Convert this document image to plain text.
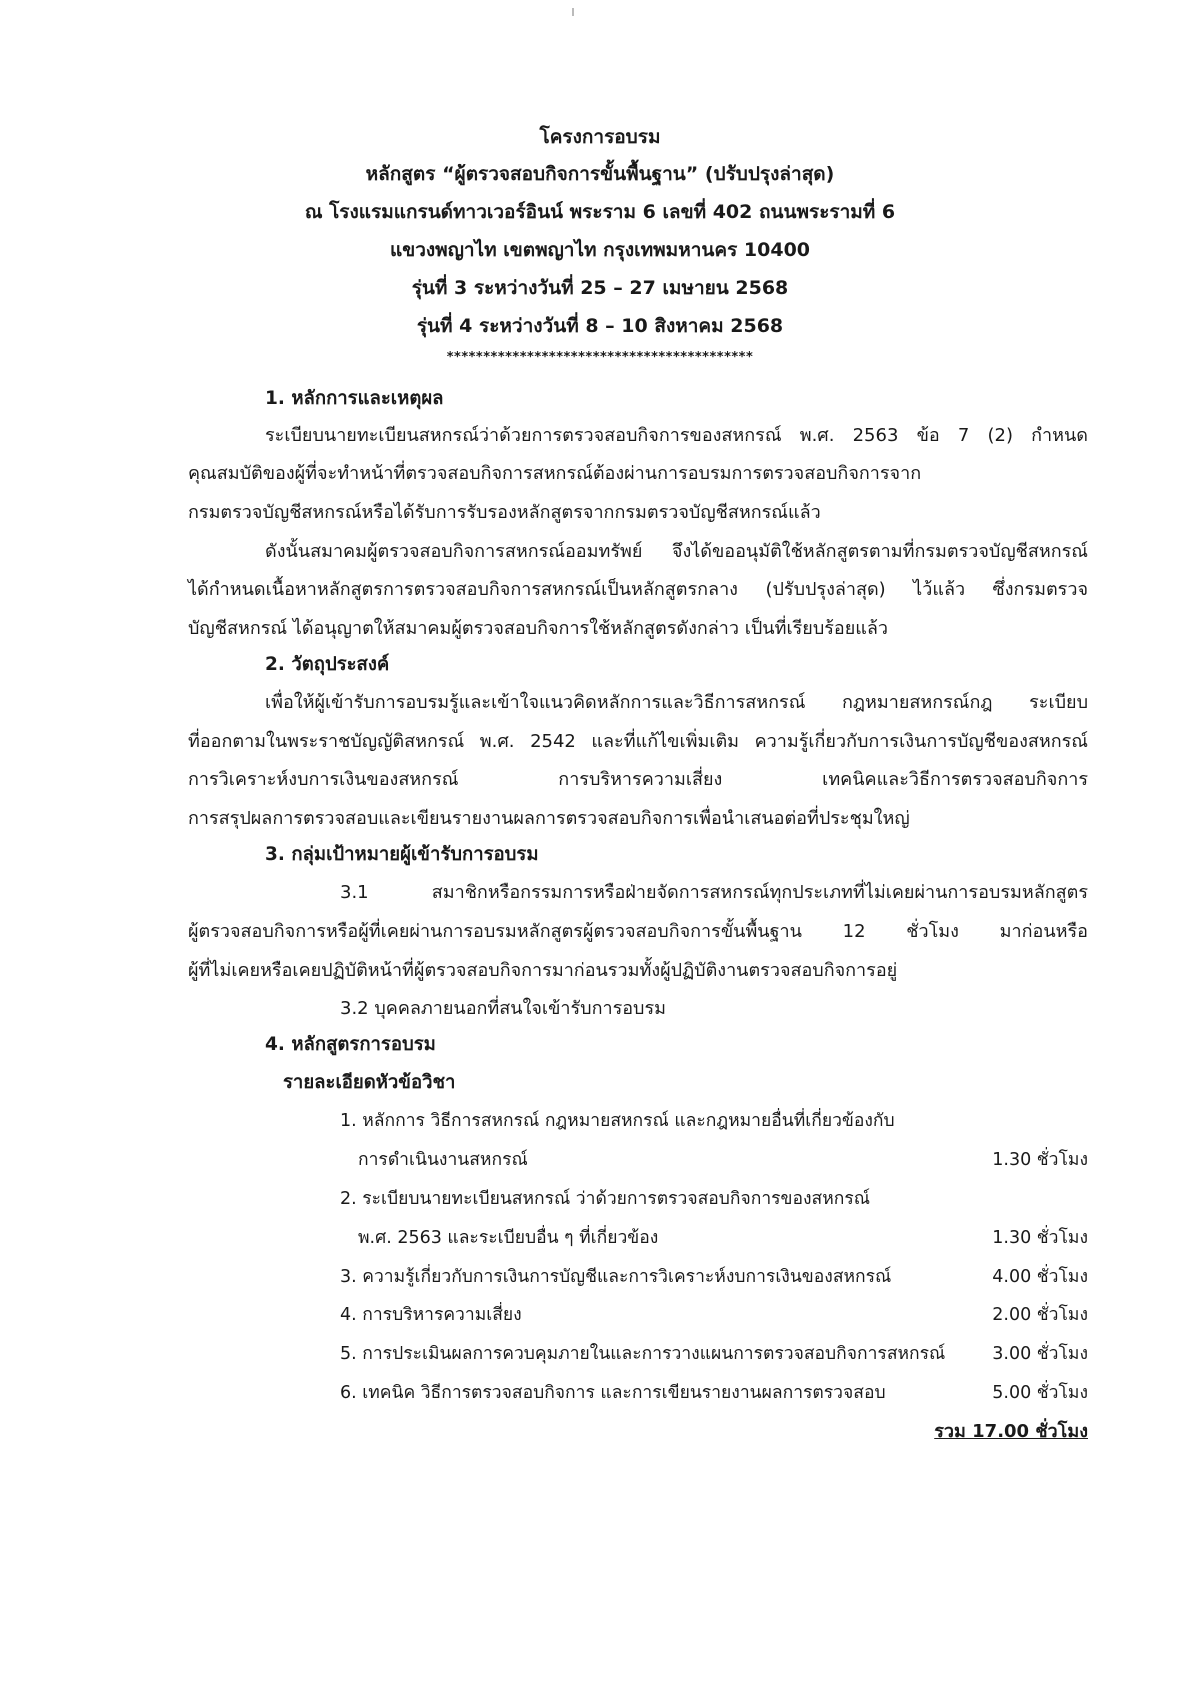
โครงการอบรม
หลักสูตร “ผู้ตรวจสอบกิจการขั้นพื้นฐาน” (ปรับปรุงล่าสุด)
ณ โรงแรมแกรนด์ทาวเวอร์อินน์ พระราม 6 เลขที่ 402 ถนนพระรามที่ 6
แขวงพญาไท เขตพญาไท กรุงเทพมหานคร 10400
รุ่นที่ 3 ระหว่างวันที่ 25 – 27 เมษายน 2568
รุ่นที่ 4 ระหว่างวันที่ 8 – 10 สิงหาคม 2568
******************************************
1. หลักการและเหตุผล
ระเบียบนายทะเบียนสหกรณ์ว่าด้วยการตรวจสอบกิจการของสหกรณ์ พ.ศ. 2563 ข้อ 7 (2) กำหนด
คุณสมบัติของผู้ที่จะทำหน้าที่ตรวจสอบกิจการสหกรณ์ต้องผ่านการอบรมการตรวจสอบกิจการจาก
กรมตรวจบัญชีสหกรณ์หรือได้รับการรับรองหลักสูตรจากกรมตรวจบัญชีสหกรณ์แล้ว
ดังนั้นสมาคมผู้ตรวจสอบกิจการสหกรณ์ออมทรัพย์ จึงได้ขออนุมัติใช้หลักสูตรตามที่กรมตรวจบัญชีสหกรณ์
ได้กำหนดเนื้อหาหลักสูตรการตรวจสอบกิจการสหกรณ์เป็นหลักสูตรกลาง (ปรับปรุงล่าสุด) ไว้แล้ว ซึ่งกรมตรวจ
บัญชีสหกรณ์ ได้อนุญาตให้สมาคมผู้ตรวจสอบกิจการใช้หลักสูตรดังกล่าว เป็นที่เรียบร้อยแล้ว
2. วัตถุประสงค์
เพื่อให้ผู้เข้ารับการอบรมรู้และเข้าใจแนวคิดหลักการและวิธีการสหกรณ์ กฎหมายสหกรณ์กฎ ระเบียบ
ที่ออกตามในพระราชบัญญัติสหกรณ์ พ.ศ. 2542 และที่แก้ไขเพิ่มเติม ความรู้เกี่ยวกับการเงินการบัญชีของสหกรณ์
การวิเคราะห์งบการเงินของสหกรณ์ การบริหารความเสี่ยง เทคนิคและวิธีการตรวจสอบกิจการ
การสรุปผลการตรวจสอบและเขียนรายงานผลการตรวจสอบกิจการเพื่อนำเสนอต่อที่ประชุมใหญ่
3. กลุ่มเป้าหมายผู้เข้ารับการอบรม
3.1 สมาชิกหรือกรรมการหรือฝ่ายจัดการสหกรณ์ทุกประเภทที่ไม่เคยผ่านการอบรมหลักสูตร
ผู้ตรวจสอบกิจการหรือผู้ที่เคยผ่านการอบรมหลักสูตรผู้ตรวจสอบกิจการขั้นพื้นฐาน 12 ชั่วโมง มาก่อนหรือ
ผู้ที่ไม่เคยหรือเคยปฏิบัติหน้าที่ผู้ตรวจสอบกิจการมาก่อนรวมทั้งผู้ปฏิบัติงานตรวจสอบกิจการอยู่
3.2 บุคคลภายนอกที่สนใจเข้ารับการอบรม
4. หลักสูตรการอบรม
รายละเอียดหัวข้อวิชา
1. หลักการ วิธีการสหกรณ์ กฎหมายสหกรณ์ และกฎหมายอื่นที่เกี่ยวข้องกับ
การดำเนินงานสหกรณ์	1.30 ชั่วโมง
2. ระเบียบนายทะเบียนสหกรณ์ ว่าด้วยการตรวจสอบกิจการของสหกรณ์
พ.ศ. 2563 และระเบียบอื่น ๆ ที่เกี่ยวข้อง	1.30 ชั่วโมง
3. ความรู้เกี่ยวกับการเงินการบัญชีและการวิเคราะห์งบการเงินของสหกรณ์	4.00 ชั่วโมง
4. การบริหารความเสี่ยง	2.00 ชั่วโมง
5. การประเมินผลการควบคุมภายในและการวางแผนการตรวจสอบกิจการสหกรณ์	3.00 ชั่วโมง
6. เทคนิค วิธีการตรวจสอบกิจการ และการเขียนรายงานผลการตรวจสอบ	5.00 ชั่วโมง
รวม 17.00 ชั่วโมง
